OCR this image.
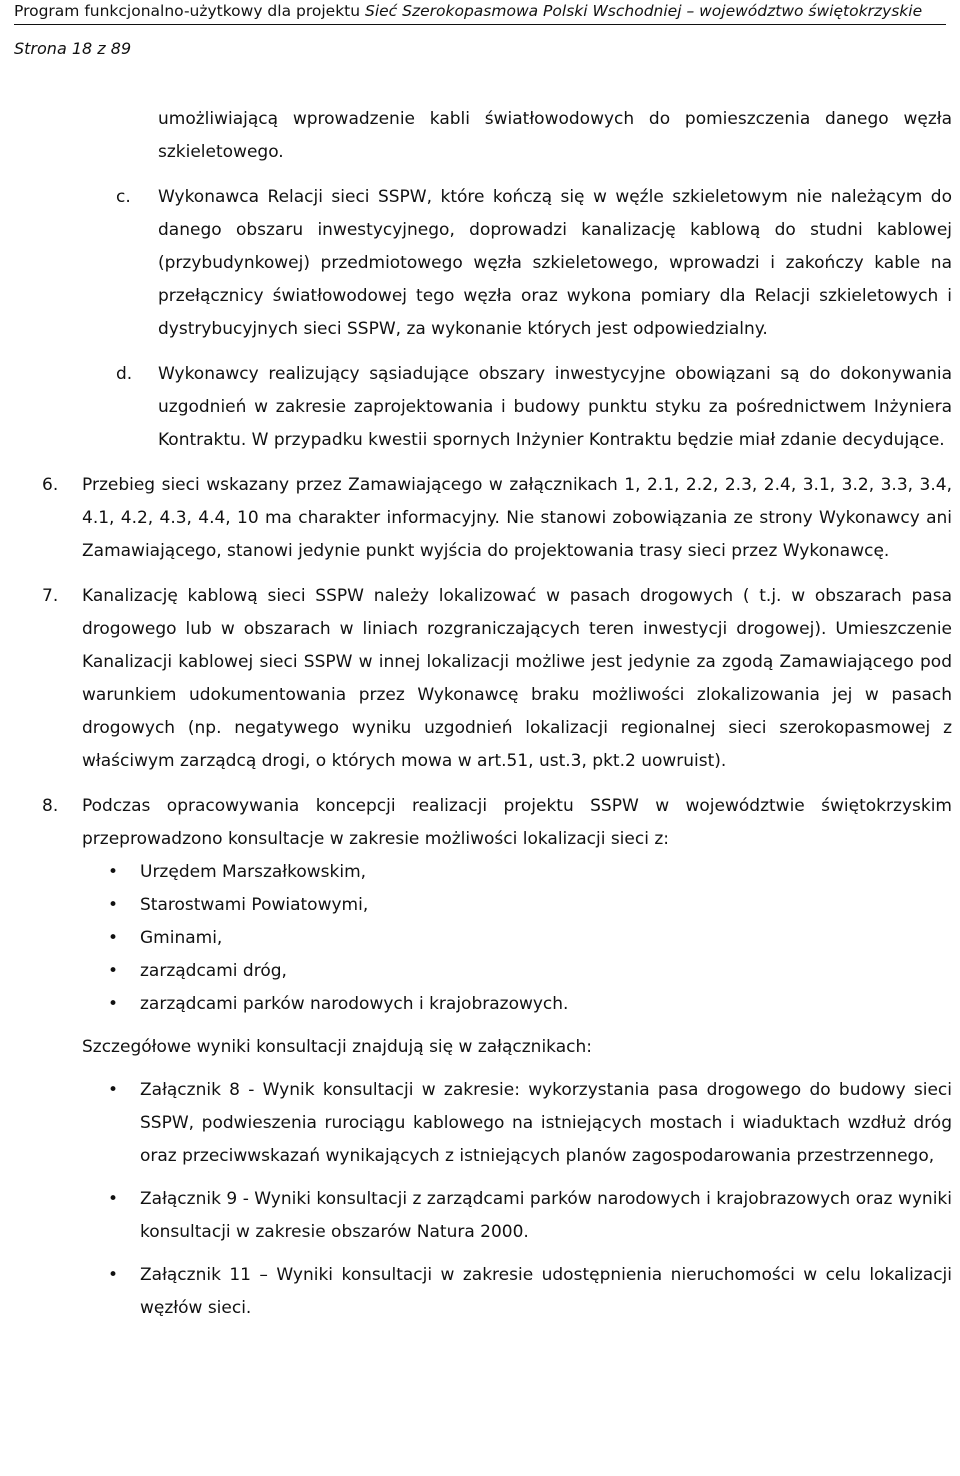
Program funkcjonalno-użytkowy dla projektu Sieć Szerokopasmowa Polski Wschodniej – województwo świętokrzyskie

Strona 18 z 89

umożliwiającą wprowadzenie kabli światłowodowych do pomieszczenia danego węzła szkieletowego.

c. Wykonawca Relacji sieci SSPW, które kończą się w węźle szkieletowym nie należącym do danego obszaru inwestycyjnego, doprowadzi kanalizację kablową do studni kablowej (przybudynkowej) przedmiotowego węzła szkieletowego, wprowadzi i zakończy kable na przełącznicy światłowodowej tego węzła oraz wykona pomiary dla Relacji szkieletowych i dystrybucyjnych sieci SSPW, za wykonanie których jest odpowiedzialny.

d. Wykonawcy realizujący sąsiadujące obszary inwestycyjne obowiązani są do dokonywania uzgodnień w zakresie zaprojektowania i budowy punktu styku za pośrednictwem Inżyniera Kontraktu. W przypadku kwestii spornych Inżynier Kontraktu będzie miał zdanie decydujące.

6. Przebieg sieci wskazany przez Zamawiającego w załącznikach 1, 2.1, 2.2, 2.3, 2.4, 3.1, 3.2, 3.3, 3.4, 4.1, 4.2, 4.3, 4.4, 10 ma charakter informacyjny. Nie stanowi zobowiązania ze strony Wykonawcy ani Zamawiającego, stanowi jedynie punkt wyjścia do projektowania trasy sieci przez Wykonawcę.

7. Kanalizację kablową sieci SSPW należy lokalizować w pasach drogowych ( t.j. w obszarach pasa drogowego lub w obszarach w liniach rozgraniczających teren inwestycji drogowej). Umieszczenie Kanalizacji kablowej sieci SSPW w innej lokalizacji możliwe jest jedynie za zgodą Zamawiającego pod warunkiem udokumentowania przez Wykonawcę braku możliwości zlokalizowania jej w pasach drogowych (np. negatywego wyniku uzgodnień lokalizacji regionalnej sieci szerokopasmowej z właściwym zarządcą drogi, o których mowa w art.51, ust.3, pkt.2 uowruist).

8. Podczas opracowywania koncepcji realizacji projektu SSPW w województwie świętokrzyskim przeprowadzono konsultacje w zakresie możliwości lokalizacji sieci z:

• Urzędem Marszałkowskim,
• Starostwami Powiatowymi,
• Gminami,
• zarządcami dróg,
• zarządcami parków narodowych i krajobrazowych.

Szczegółowe wyniki konsultacji znajdują się w załącznikach:

• Załącznik 8 - Wynik konsultacji w zakresie: wykorzystania pasa drogowego do budowy sieci SSPW, podwieszenia rurociągu kablowego na istniejących mostach i wiaduktach wzdłuż dróg oraz przeciwwskazań wynikających z istniejących planów zagospodarowania przestrzennego,
• Załącznik 9 - Wyniki konsultacji z zarządcami parków narodowych i krajobrazowych oraz wyniki konsultacji w zakresie obszarów Natura 2000.
• Załącznik 11 – Wyniki konsultacji w zakresie udostępnienia nieruchomości w celu lokalizacji węzłów sieci.
